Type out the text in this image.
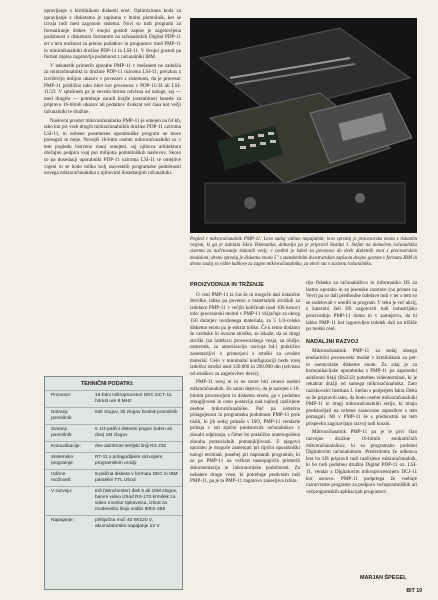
upravljanje s krmilnikom disketni enot. Optimizirana koda za upravljanje z disketama je zapisana v bralni pomnilnik, ker se izvaja tudi med zagonom sistema. Novi so tudi programi za formatiranje disket. V enojni gostoti zapise je zagotovljena podobnost z disketnim formatom na računalnikih Digital PDP-11 ter s tem možnost za prenos podatkov in programov med PMP-11 in miniračunalniki družine PDP-11 in LSI-11. V dvojni gostoti pa format zapisa zagotavlja podobnost z računalniki IBM.

V nekaterih primerih uporabe PMP-11 v mešanem ne zadošča za miniračunalniki iz družine PDP-11 oziroma LSI-11; preizkus z izvršitvijo milijon ukazov v povezavi s sistemom, da je procesor PMP-11 približno tako hiter kot procesora v PDP-11/34 ali LSI-11/23. V splošnem pa je seveda hitrost odvisna od naloge, saj — med drugim — potrebuje zaradi krajše (osembitne) besede za pripravo 16-bitnih ukazov ali podatkov dvakrat več časa kot večji računalniki te družine.

Naslovni prostor mikroračunalnika PMP-11 je omejen na 64 kb, tako kot pri vseh drugih miniračunalnikih družine PDP-11 oziroma LSI-11, in nobene posamezne uporabniške program ne more presegati te meje. Novejši 16-bitni osebni mikroračunalniki so v tem pogledu bistveno manj omejeni, saj njihova arhitektura običajno podpira vsaj pol milijona pomnilniških naslovov. Skoro so pa dosedanji uporabniki PDP-11 oziroma LSI-11 te omejitve vajeni in se bodo toliko bolj razveselili programske podobnosti novega mikroračunalnika z njihovimi dosedanjimi računalniki.

Pogled v mikroračunalnik PMP-11: Levo zadaj vidimo napajalnik; levo spredaj je procesorska enota s tiskanim vezjem, ki ga je izdelala Iskra Telematika, dobavlja pa je pripravil Institut J. Stefan na domačem računalniku sistema za načrtovanje tiskanih vezij; v sredini je kabel za povezavo do dveh disketnih enot z procesorskim modulom; desno spredaj je disketna enota 5" s standardnim dvostranskim zapisom dvojne gostote v formatu IBM in desno zadaj so vidne kablove za zagon mikroračunalnika, za okvir sta v zaslonu računalnika.
PROIZVODNJA IN TRŽENJE

O ceni PMP-11 ta čas še ni mogoče dati natančne številke, lahko pa povemo o materialnih stroških za izdelavo PMP-11 v večjih količinah (nad 100 kosov) tole: procesorski modul v PMP-11 vključuje za okrog 150 dolarjev uvoženega materiala, za 5 1/4-colsko disketno enoto pa je enkrat toliko. Če k temu dodamo še carinske in uvozne stroške, se izkaže, da so drugi stroški (za izdelavo procesorskega vezja, za ohišje, usmernik, za amortizacijo razvoja itd.) praktično zanemarljivi v primerjavi s stroški za uvožen material. Celo v minimalni konfiguraciji bodo torej izdelčni stroški med 120.000 in 200.000 din (odvisno od stroškov za zagotovitev deviz).

PMP-11 torej ni in ne more biti ceneni osebni mikroračunalnik. Ze samo dejstvo, da je narejen s 16-bitnim procesorjem in disketno enoto, ga v podobno zmogljivosti in ceno postavlja nad najbolj razširjene osebne mikroračunalnike. Pač pa ustrezna prilagojenost in programska podobnost PMP-11 prek tistih, ki jih sedaj prinaša v ISO, PMP-11 vendarle prihaja v isti tipični predstavnik računalnikov v zlorabi odpiranja, s čimer bo praktično onemogočena zloraba potencialnih pomanjkljivosti. Z njegovo uporabo je mogoče zamenjati pri tipični uporabniški nalogi terminal, posebej pri napisanih programih, ki so po PMP-11 na večkrat nastopajočih primerih dokumentacija te laboratorijske podobnosti. Za nekatere druge vrste, ki potrebuje predvsem tudi PMP-11, pa je ta PMP-11 zagotovo zanesljiva izbira.

riju Odseka za računalništvo in informatiko IJS za lastno uporabo in za jesenske razstave (na primer na Vevi) pa so dali predhodne izdelave tudi v ter s tem so se sodelovali v uredili ta program. V teku je več akcij, s katerimi želi IJS zagotoviti tudi industrijsko proizvodnjo PMP-11 doma in v zamejstvu, da bi lahko PMP-11 kot izgotovljen izdelek dali na tržišče po mošni ceni.

NADALJNI RAZVOJ

Mikroračunalnik PMP-11 za sedaj obsega enokartični procesorski modul v krmilnikom za pet- in osemcolske disketne enote. Za zdaj je za komunikacijske uporabnika s PMP-11 po zaporedni asinhroni liniji (RS232) potreben videoterminal, ki je rekakrat dražji od samega mikroračunalnika. Zato raziskovalci Instituta J. Stefan s podjetjem Iskra Delta so že pripravili tako, da bodo osebni mikroračunalniki PMP-11 in drugi mikroračunalniki serija, ki imajo predstavljali na celotne zasnovane zaposlitve s tem pomagali. Mi v PMP-11 še s prednostmi na tem prispevku zagotavljajo razvoj tudi kmalu.

Mikroračunalnik PMP-11 pa je le prvi član razvojne družine 16-bitnih enokartičnih mikroračunalnikov, ki so programsko podobni Digitalovim računalnikom. Predvidoma že odkonca leta bo IJS pripravil tudi razširjeno mikroračunalnik, ki bo tudi podobno družini Digital PDP-11 oz. LSI-11, vendar z Digitalovim mikroprocesorjem DCJ-11 kot osnovo. PMP-11 podprtega že vsebuje raznovrstne programe za podporo večuporabniških ali večprogramskih aplikacijah programov.

TEHNIČNI PODATKI:
Procesor:	16-bitni mikroprocesor DEC DCT-11 hitrost ure 8 MHz
Notranji pomnilnik:
64k zlogov, 2k zlogov bralnik pomnilnik
Zunanji pomnilnik:
5 1/4-palčni disketni pogon (eden ali dva) 1M zlogov
Komunikacije:	dve asinhroni serijski liniji RS 232
Sistemsko programje:
RT-11 s prilagodljivim razvojnim programskim orodji
Izdirne možnosti:
8-palčna disketa v formatu DEC in IBM paralelni TTL izhod
V razvoju:	trdi (Winchester) disk 5 ali 10M zlogov, barvni video izhod RS-170 krmilnik za video monitor tipkovnica, izhod za modemsko linijo vodilo IEEE-488
Napajanje:	priključna moč 40 W/220 V, akumulatorsko napajanje 12 V
MARJAN ŠPEGEL
BIT 19
